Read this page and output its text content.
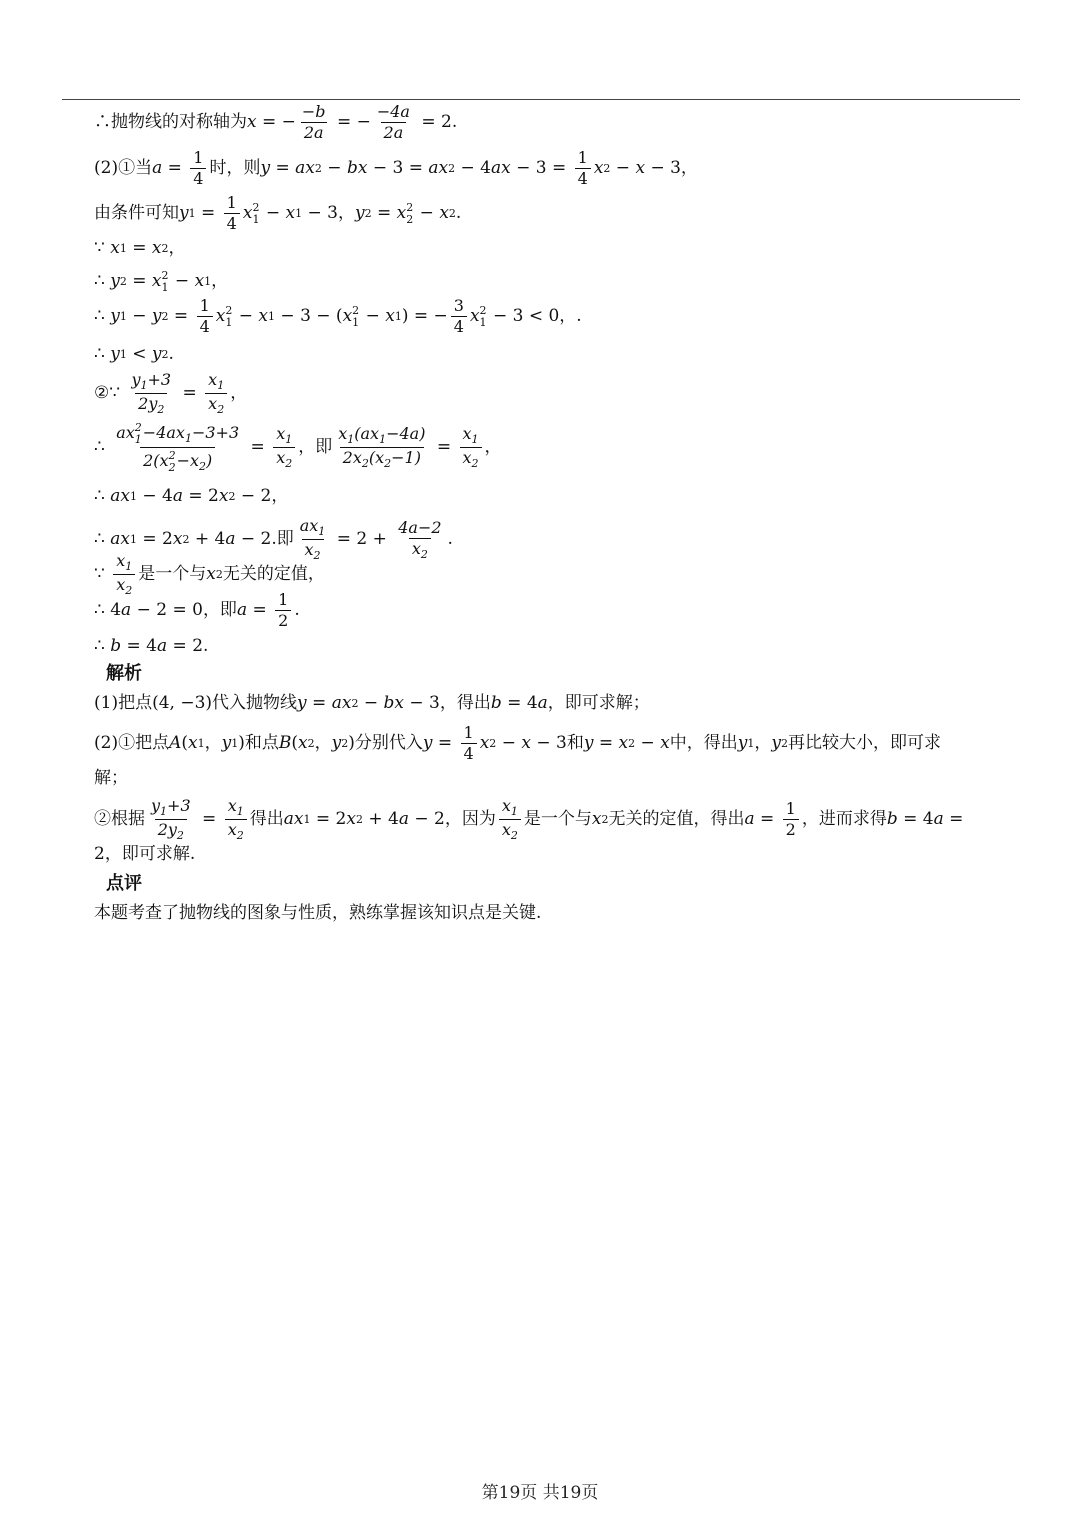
∴抛物线的对称轴为 x = −
−b
2a
= −
−4a
2a
= 2.
(2)①当 a =
1
4
时，则 y = ax 2 − bx − 3 = ax 2 − 4 ax − 3 =
1
4
x 2 − x − 3，
由条件可知 y 1 =
1
4
x 2
1 − x 1 − 3 ， y 2 = x 2
2 − x 2 .
∵ x 1 = x 2 ，
∴ y 2 = x 2
1 − x 1 ，
∴ y 1 − y 2 =
1
4
x 2
1 − x 1 − 3 − ( x 2
1 − x 1 ) = −
3
4
x 2
1 − 3 < 0 ，.
∴ y 1 < y 2 .
②∵
$y_1+3$
$2y_2$
=
$x_1$
$x_2$
，
∴
ax 2
$1 -4ax_1-3+3$
2(x 2
$2 -x_2$)
=
$x_1$
$x_2$
，即
$x_1(ax_1-4a)$
$2x_2(x_2-1)$
=
$x_1$
$x_2$
，
∴ ax 1 − 4 a = 2 x 2 − 2，
∴ ax 1 = 2 x 2 + 4 a − 2 .即
$ax_1$
$x_2$
= 2 +
4a−2
$x_2$
.
∵
$x_1$
$x_2$
是一个与 x 2 无关的定值，
∴ 4 a − 2 = 0 ，即 a =
1
2
.
∴ b = 4 a = 2.
解析
(1)把点 (4, −3) 代入抛物线 y = ax 2 − bx − 3 ，得出 b = 4 a ，即可求解；
(2)①把点 A ( x 1 ， y 1 ) 和点 B ( x 2 ， y 2 ) 分别代入 y =
1
4
x 2 − x − 3 和 y = x 2 − x 中，得出 y 1 ， y 2 再比较大小，即可求
解；
②根据
$y_1+3$
$2y_2$
=
$x_1$
$x_2$
得出 ax 1 = 2 x 2 + 4 a − 2 ，因为
$x_1$
$x_2$
是一个与 x 2 无关的定值，得出 a =
1
2
，进而求得 b = 4 a =
2，即可求解.
点评
本题考查了抛物线的图象与性质，熟练掌握该知识点是关键.
第19页 共19页
